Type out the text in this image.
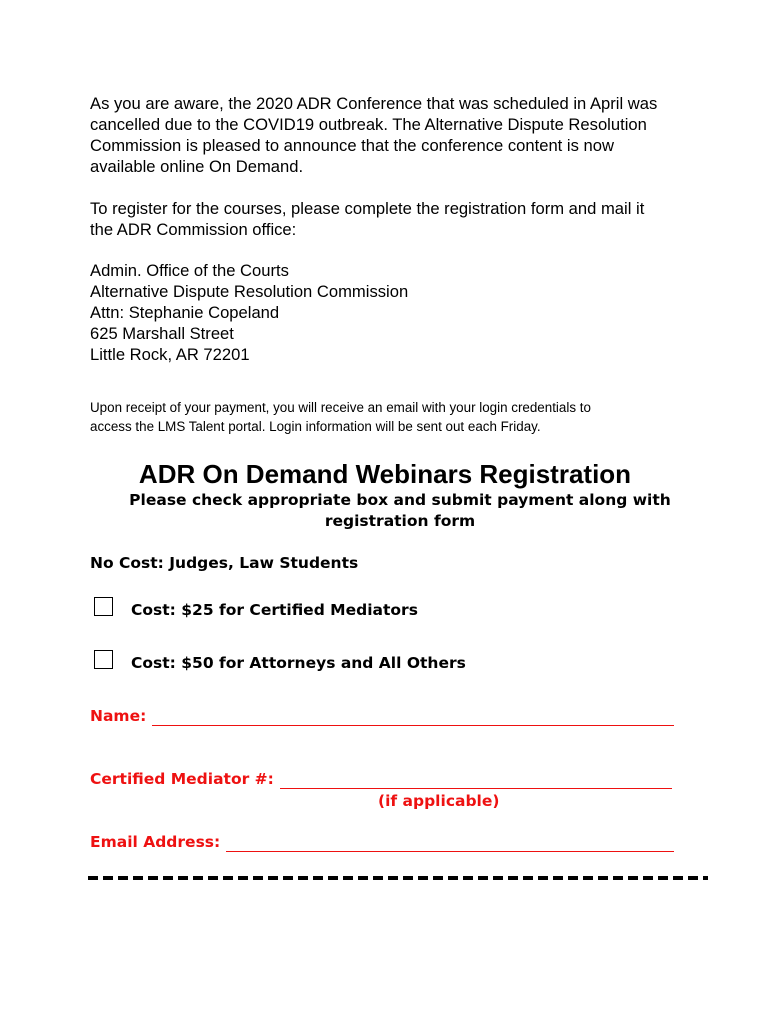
As you are aware, the 2020 ADR Conference that was scheduled in April was
cancelled due to the COVID19 outbreak. The Alternative Dispute Resolution
Commission is pleased to announce that the conference content is now
available online On Demand.

To register for the courses, please complete the registration form and mail it
the ADR Commission office:

Admin. Office of the Courts
Alternative Dispute Resolution Commission
Attn: Stephanie Copeland
625 Marshall Street
Little Rock, AR 72201

Upon receipt of your payment, you will receive an email with your login credentials to
access the LMS Talent portal. Login information will be sent out each Friday.

ADR On Demand Webinars Registration

Please check appropriate box and submit payment along with
registration form

No Cost: Judges, Law Students
Cost: $25 for Certified Mediators
Cost: $50 for Attorneys and All Others
Name:
Certified Mediator #:
(if applicable)
Email Address:
